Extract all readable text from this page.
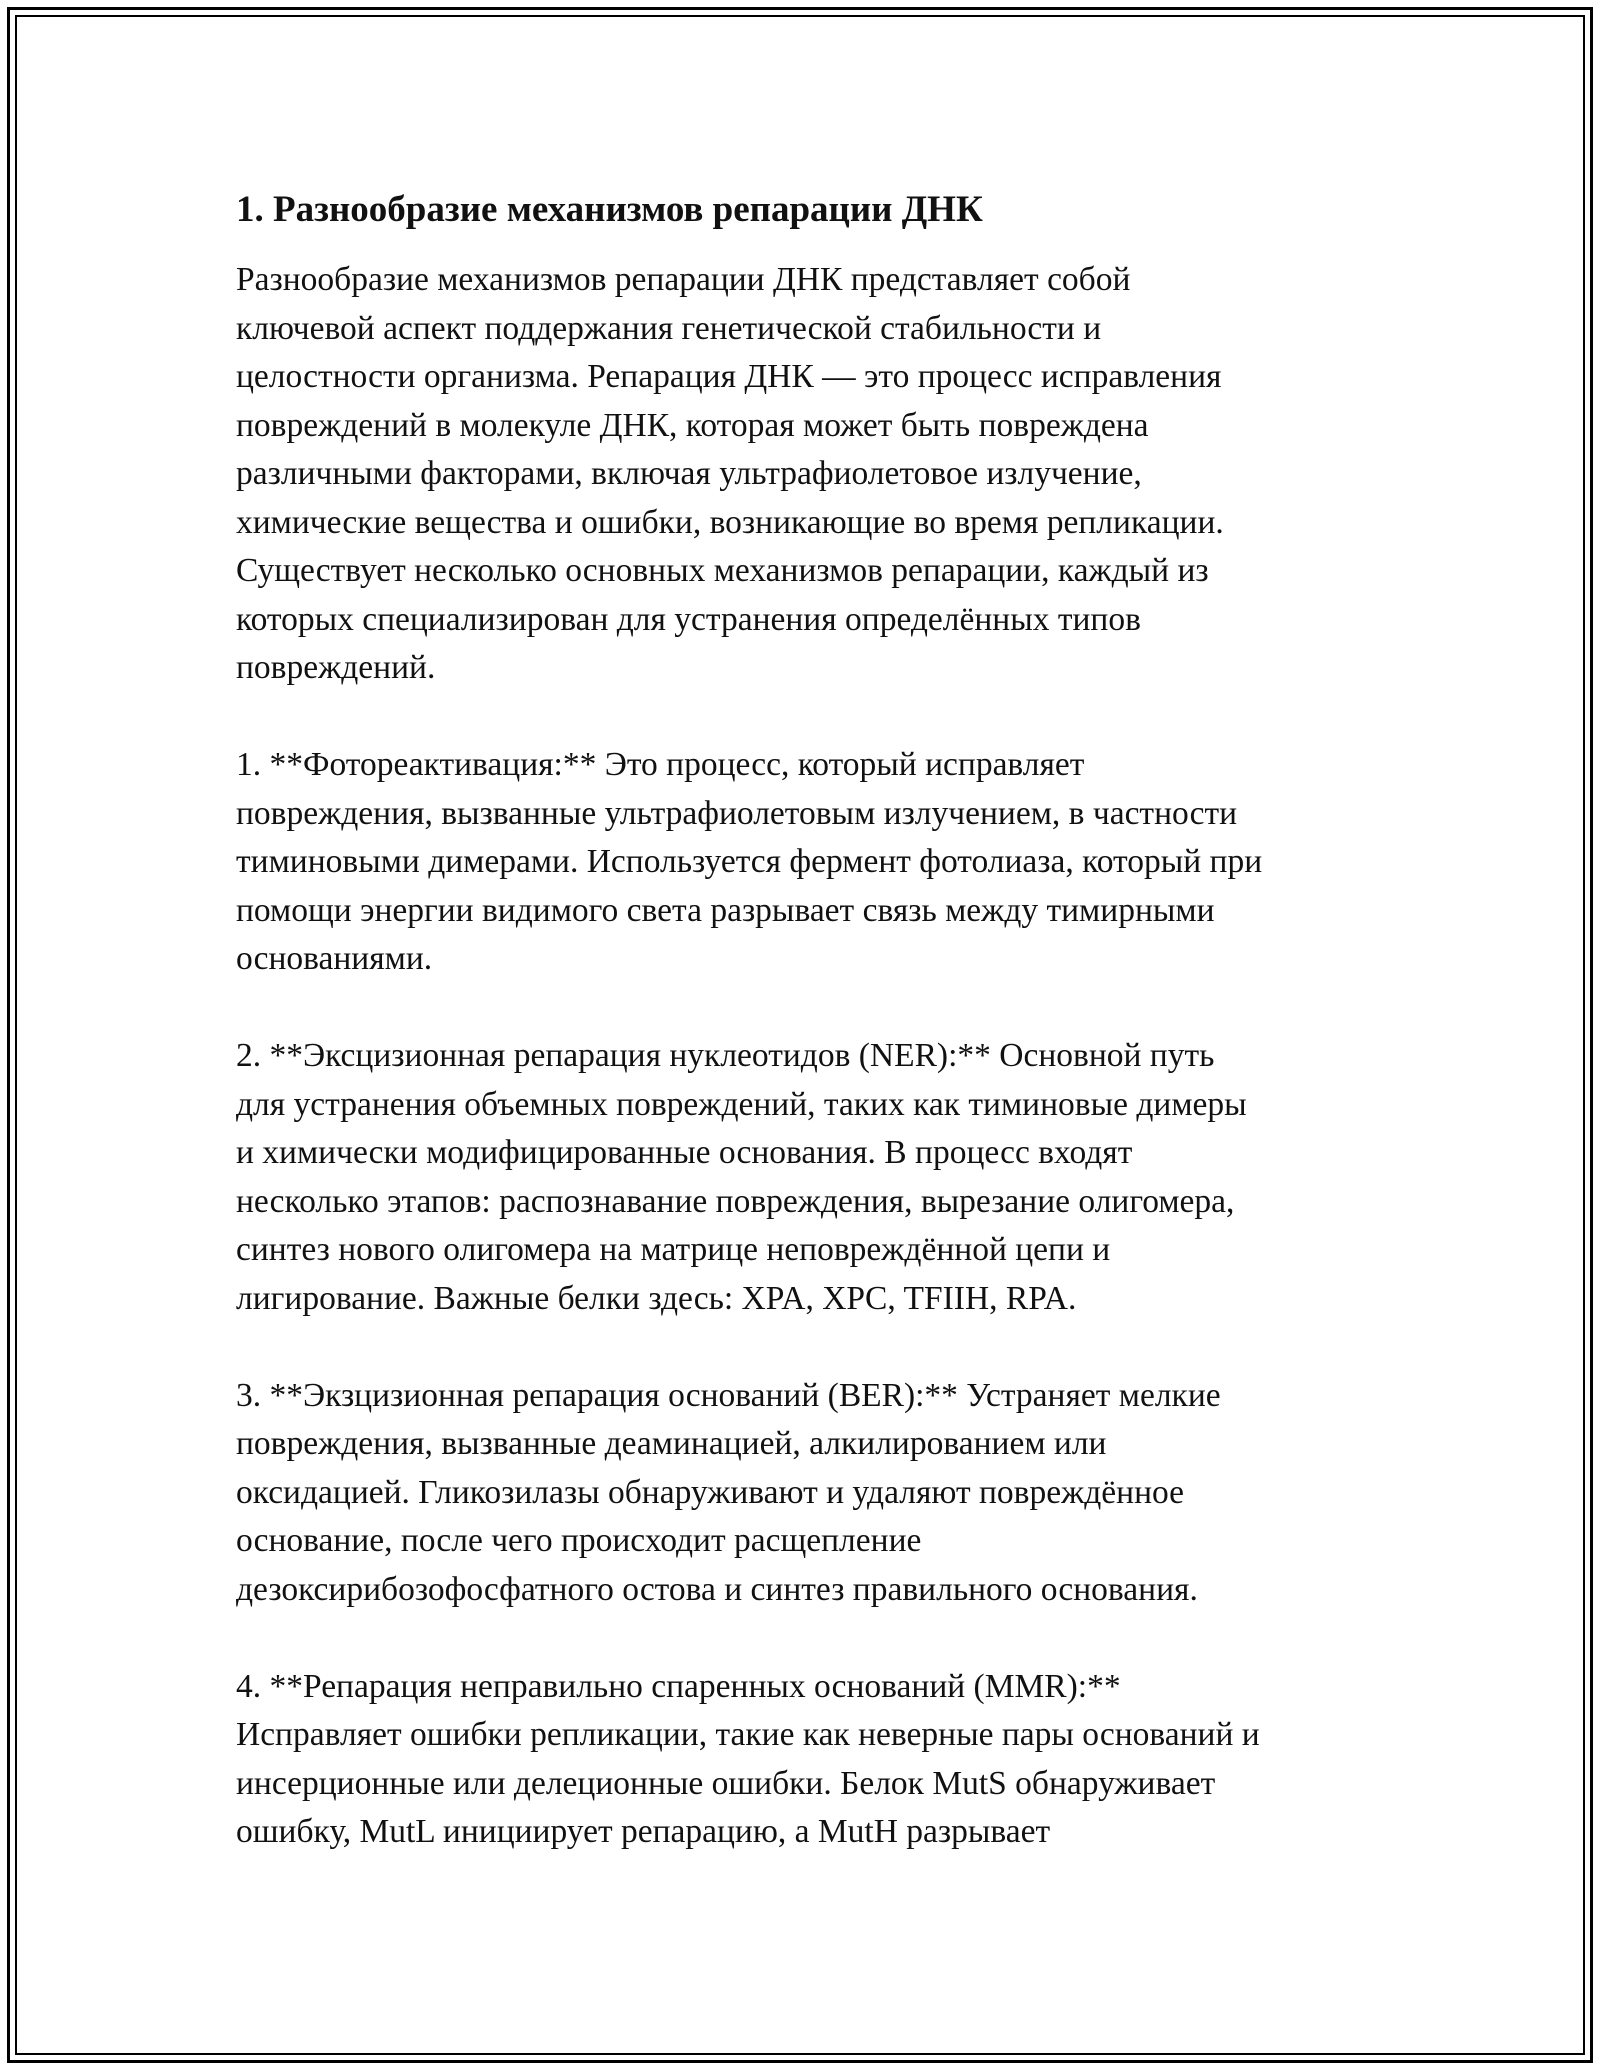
1. Разнообразие механизмов репарации ДНК

Разнообразие механизмов репарации ДНК представляет собой
ключевой аспект поддержания генетической стабильности и
целостности организма. Репарация ДНК — это процесс исправления
повреждений в молекуле ДНК, которая может быть повреждена
различными факторами, включая ультрафиолетовое излучение,
химические вещества и ошибки, возникающие во время репликации.
Существует несколько основных механизмов репарации, каждый из
которых специализирован для устранения определённых типов
повреждений.

1. **Фотореактивация:** Это процесс, который исправляет
повреждения, вызванные ультрафиолетовым излучением, в частности
тиминовыми димерами. Используется фермент фотолиаза, который при
помощи энергии видимого света разрывает связь между тимирными
основаниями.

2. **Эксцизионная репарация нуклеотидов (NER):** Основной путь
для устранения объемных повреждений, таких как тиминовые димеры
и химически модифицированные основания. В процесс входят
несколько этапов: распознавание повреждения, вырезание олигомера,
синтез нового олигомера на матрице неповреждённой цепи и
лигирование. Важные белки здесь: XPA, XPC, TFIIH, RPA.

3. **Экзцизионная репарация оснований (BER):** Устраняет мелкие
повреждения, вызванные деаминацией, алкилированием или
оксидацией. Гликозилазы обнаруживают и удаляют повреждённое
основание, после чего происходит расщепление
дезоксирибозофосфатного остова и синтез правильного основания.

4. **Репарация неправильно спаренных оснований (MMR):**
Исправляет ошибки репликации, такие как неверные пары оснований и
инсерционные или делеционные ошибки. Белок MutS обнаруживает
ошибку, MutL инициирует репарацию, а MutH разрывает
